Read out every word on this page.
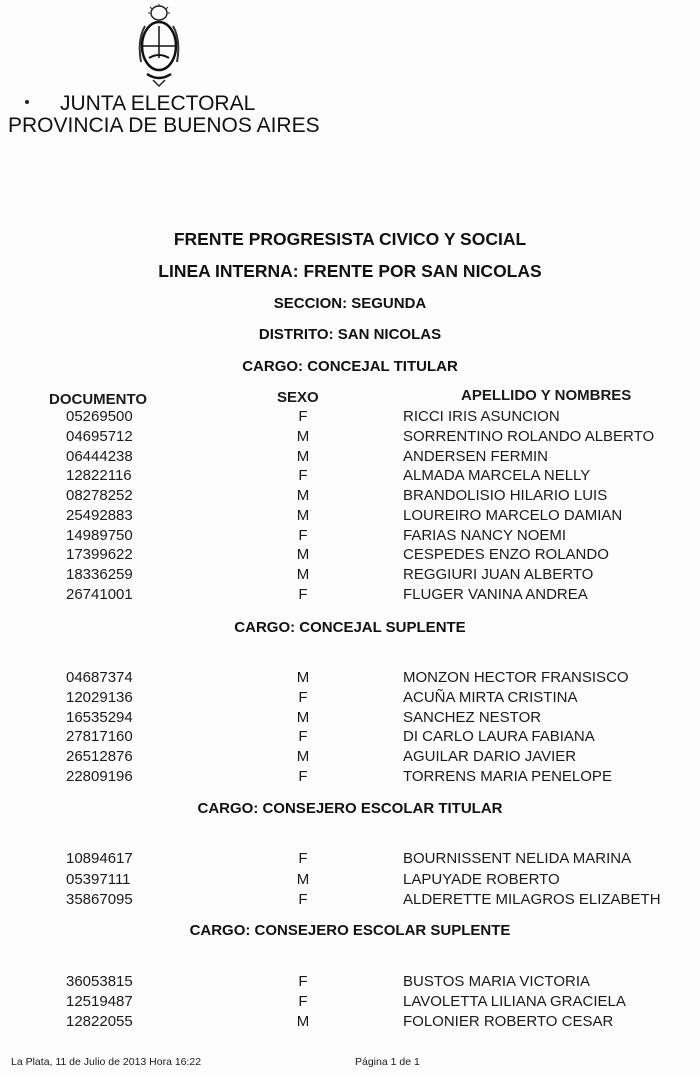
JUNTA ELECTORAL
PROVINCIA DE BUENOS AIRES
FRENTE PROGRESISTA CIVICO Y SOCIAL
LINEA INTERNA: FRENTE POR SAN NICOLAS
SECCION: SEGUNDA
DISTRITO: SAN NICOLAS
CARGO: CONCEJAL TITULAR
DOCUMENTO	SEXO	APELLIDO Y NOMBRES
05269500	F	RICCI IRIS ASUNCION
04695712	M	SORRENTINO ROLANDO ALBERTO
06444238	M	ANDERSEN FERMIN
12822116	F	ALMADA MARCELA NELLY
08278252	M	BRANDOLISIO HILARIO LUIS
25492883	M	LOUREIRO MARCELO DAMIAN
14989750	F	FARIAS NANCY NOEMI
17399622	M	CESPEDES ENZO ROLANDO
18336259	M	REGGIURI JUAN ALBERTO
26741001	F	FLUGER VANINA ANDREA
CARGO: CONCEJAL SUPLENTE
04687374	M	MONZON HECTOR FRANSISCO
12029136	F	ACUÑA MIRTA CRISTINA
16535294	M	SANCHEZ NESTOR
27817160	F	DI CARLO LAURA FABIANA
26512876	M	AGUILAR DARIO JAVIER
22809196	F	TORRENS MARIA PENELOPE
CARGO: CONSEJERO ESCOLAR TITULAR
10894617	F	BOURNISSENT NELIDA MARINA
05397111	M	LAPUYADE ROBERTO
35867095	F	ALDERETTE MILAGROS ELIZABETH
CARGO: CONSEJERO ESCOLAR SUPLENTE
36053815	F	BUSTOS MARIA VICTORIA
12519487	F	LAVOLETTA LILIANA GRACIELA
12822055	M	FOLONIER ROBERTO CESAR
La Plata, 11 de Julio de 2013 Hora 16:22	Página 1 de 1
